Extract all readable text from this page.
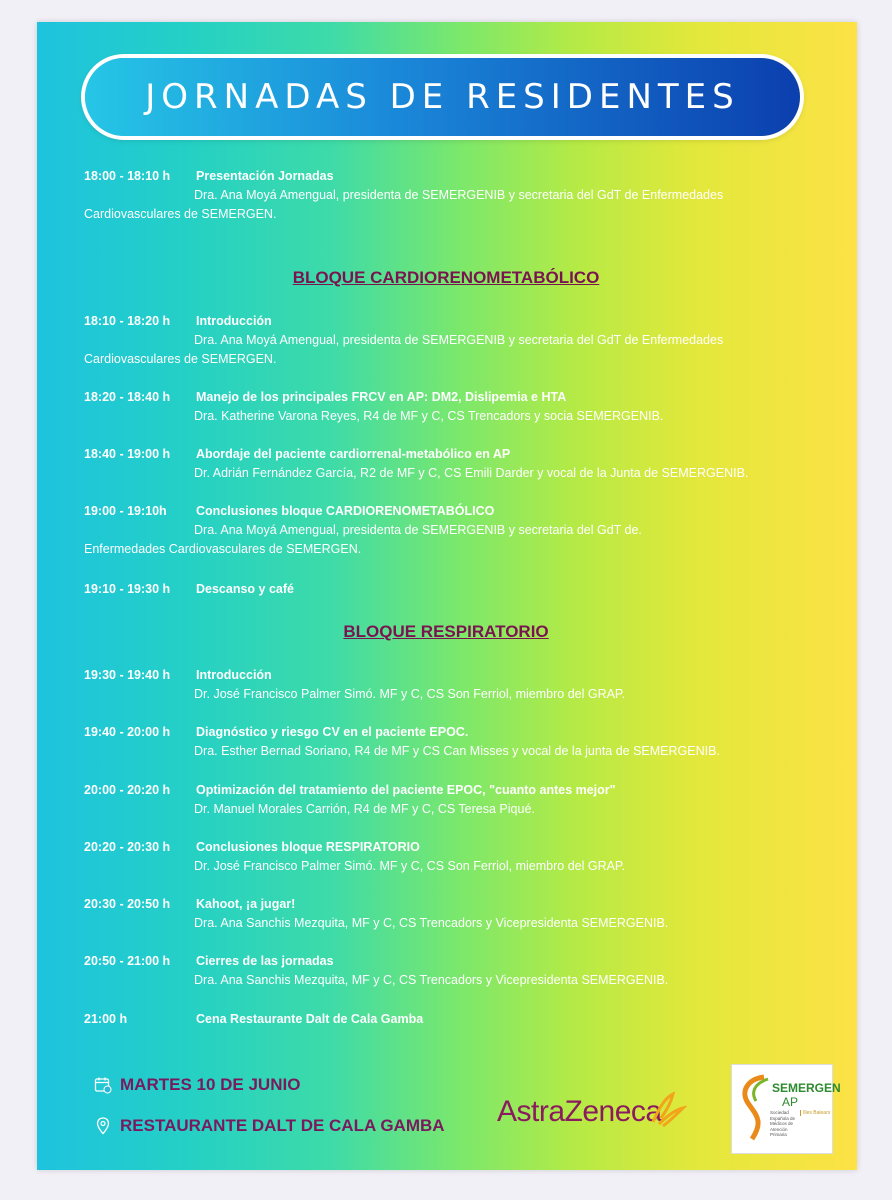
JORNADAS DE RESIDENTES
18:00 - 18:10 h	Presentación Jornadas
Dra. Ana Moyá Amengual, presidenta de SEMERGENIB y secretaria del GdT de Enfermedades
Cardiovasculares de SEMERGEN.
BLOQUE CARDIORENOMETABÓLICO
18:10 - 18:20 h	Introducción
Dra. Ana Moyá Amengual, presidenta de SEMERGENIB y secretaria del GdT de Enfermedades
Cardiovasculares de SEMERGEN.
18:20 - 18:40 h	Manejo de los principales FRCV en AP: DM2, Dislipemia e HTA
Dra. Katherine Varona Reyes, R4 de MF y C, CS Trencadors y socia SEMERGENIB.
18:40 - 19:00 h	Abordaje del paciente cardiorrenal-metabólico en AP
Dr. Adrián Fernández García, R2 de MF y C, CS Emili Darder y vocal de la Junta de SEMERGENIB.
19:00 - 19:10h	Conclusiones bloque CARDIORENOMETABÓLICO
Dra. Ana Moyá Amengual, presidenta de SEMERGENIB y secretaria del GdT de.
Enfermedades Cardiovasculares de SEMERGEN.
19:10 - 19:30 h	Descanso y café
BLOQUE RESPIRATORIO
19:30 - 19:40 h	Introducción
Dr. José Francisco Palmer Simó. MF y C, CS Son Ferriol, miembro del GRAP.
19:40 - 20:00 h	Diagnóstico y riesgo CV en el paciente EPOC.
Dra. Esther Bernad Soriano, R4 de MF y CS Can Misses y vocal de la junta de SEMERGENIB.
20:00 - 20:20 h	Optimización del tratamiento del paciente EPOC, "cuanto antes mejor"
Dr. Manuel Morales Carrión, R4 de MF y C, CS Teresa Piqué.
20:20 - 20:30 h	Conclusiones bloque RESPIRATORIO
Dr. José Francisco Palmer Simó. MF y C, CS Son Ferriol, miembro del GRAP.
20:30 - 20:50 h	Kahoot, ¡a jugar!
Dra. Ana Sanchis Mezquita, MF y C, CS Trencadors y Vicepresidenta SEMERGENIB.
20:50 - 21:00 h	Cierres de las jornadas
Dra. Ana Sanchis Mezquita, MF y C, CS Trencadors y Vicepresidenta SEMERGENIB.
21:00 h	Cena Restaurante Dalt de Cala Gamba
MARTES 10 DE JUNIO
RESTAURANTE DALT DE CALA GAMBA AstraZeneca
SEMERGEN
AP
Sociedad Española de Médicos de Atención Primaria
Illes Balears
